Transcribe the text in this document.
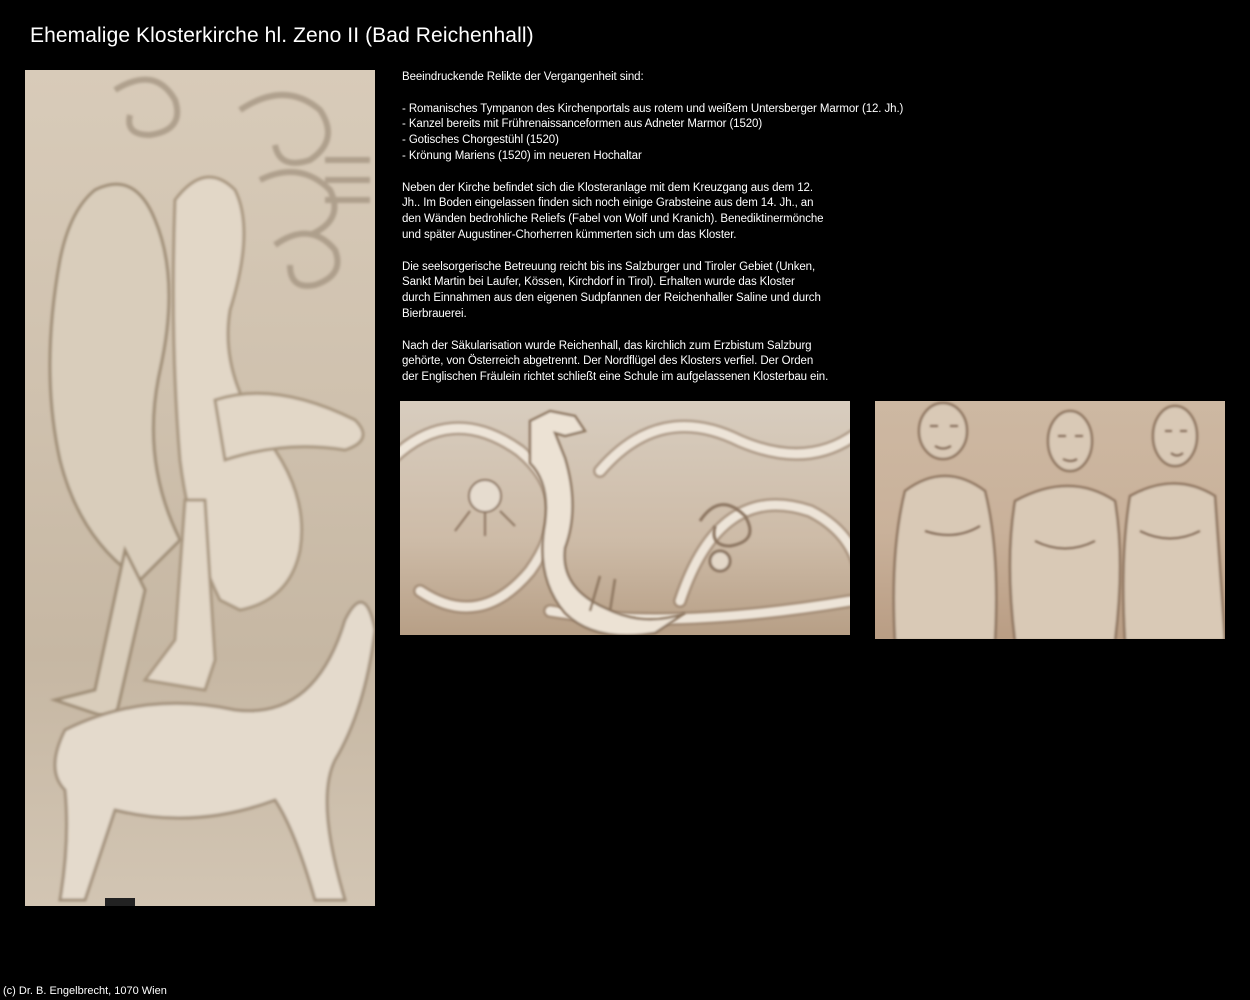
Ehemalige Klosterkirche hl. Zeno II (Bad Reichenhall)

Beeindruckende Relikte der Vergangenheit sind:

- Romanisches Tympanon des Kirchenportals aus rotem und weißem Untersberger Marmor (12. Jh.)
- Kanzel bereits mit Frührenaissanceformen aus Adneter Marmor (1520)
- Gotisches Chorgestühl (1520)
- Krönung Mariens (1520) im neueren Hochaltar

Neben der Kirche befindet sich die Klosteranlage mit dem Kreuzgang aus dem 12.
Jh.. Im Boden eingelassen finden sich noch einige Grabsteine aus dem 14. Jh., an
den Wänden bedrohliche Reliefs (Fabel von Wolf und Kranich). Benediktinermönche
und später Augustiner-Chorherren kümmerten sich um das Kloster.

Die seelsorgerische Betreuung reicht bis ins Salzburger und Tiroler Gebiet (Unken,
Sankt Martin bei Laufer, Kössen, Kirchdorf in Tirol). Erhalten wurde das Kloster
durch Einnahmen aus den eigenen Sudpfannen der Reichenhaller Saline und durch
Bierbrauerei.

Nach der Säkularisation wurde Reichenhall, das kirchlich zum Erzbistum Salzburg
gehörte, von Österreich abgetrennt. Der Nordflügel des Klosters verfiel. Der Orden
der Englischen Fräulein richtet schließt eine Schule im aufgelassenen Klosterbau ein.

(c) Dr. B. Engelbrecht, 1070 Wien
